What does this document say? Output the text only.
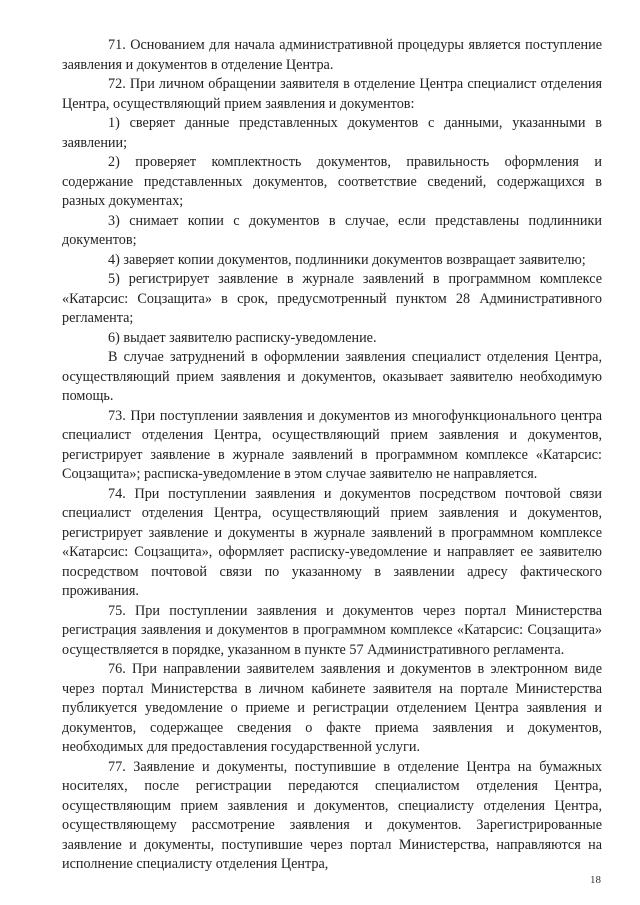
71. Основанием для начала административной процедуры является поступление заявления и документов в отделение Центра.

72. При личном обращении заявителя в отделение Центра специалист отделения Центра, осуществляющий прием заявления и документов:

1) сверяет данные представленных документов с данными, указанными в заявлении;

2) проверяет комплектность документов, правильность оформления и содержание представленных документов, соответствие сведений, содержащихся в разных документах;

3) снимает копии с документов в случае, если представлены подлинники документов;

4) заверяет копии документов, подлинники документов возвращает заявителю;

5) регистрирует заявление в журнале заявлений в программном комплексе «Катарсис: Соцзащита» в срок, предусмотренный пунктом 28 Административного регламента;

6) выдает заявителю расписку-уведомление.

В случае затруднений в оформлении заявления специалист отделения Центра, осуществляющий прием заявления и документов, оказывает заявителю необходимую помощь.

73. При поступлении заявления и документов из многофункционального центра специалист отделения Центра, осуществляющий прием заявления и документов, регистрирует заявление в журнале заявлений в программном комплексе «Катарсис: Соцзащита»; расписка-уведомление в этом случае заявителю не направляется.

74. При поступлении заявления и документов посредством почтовой связи специалист отделения Центра, осуществляющий прием заявления и документов, регистрирует заявление и документы в журнале заявлений в программном комплексе «Катарсис: Соцзащита», оформляет расписку-уведомление и направляет ее заявителю посредством почтовой связи по указанному в заявлении адресу фактического проживания.

75. При поступлении заявления и документов через портал Министерства регистрация заявления и документов в программном комплексе «Катарсис: Соцзащита» осуществляется в порядке, указанном в пункте 57 Административного регламента.

76. При направлении заявителем заявления и документов в электронном виде через портал Министерства в личном кабинете заявителя на портале Министерства публикуется уведомление о приеме и регистрации отделением Центра заявления и документов, содержащее сведения о факте приема заявления и документов, необходимых для предоставления государственной услуги.

77. Заявление и документы, поступившие в отделение Центра на бумажных носителях, после регистрации передаются специалистом отделения Центра, осуществляющим прием заявления и документов, специалисту отделения Центра, осуществляющему рассмотрение заявления и документов. Зарегистрированные заявление и документы, поступившие через портал Министерства, направляются на исполнение специалисту отделения Центра,

18
